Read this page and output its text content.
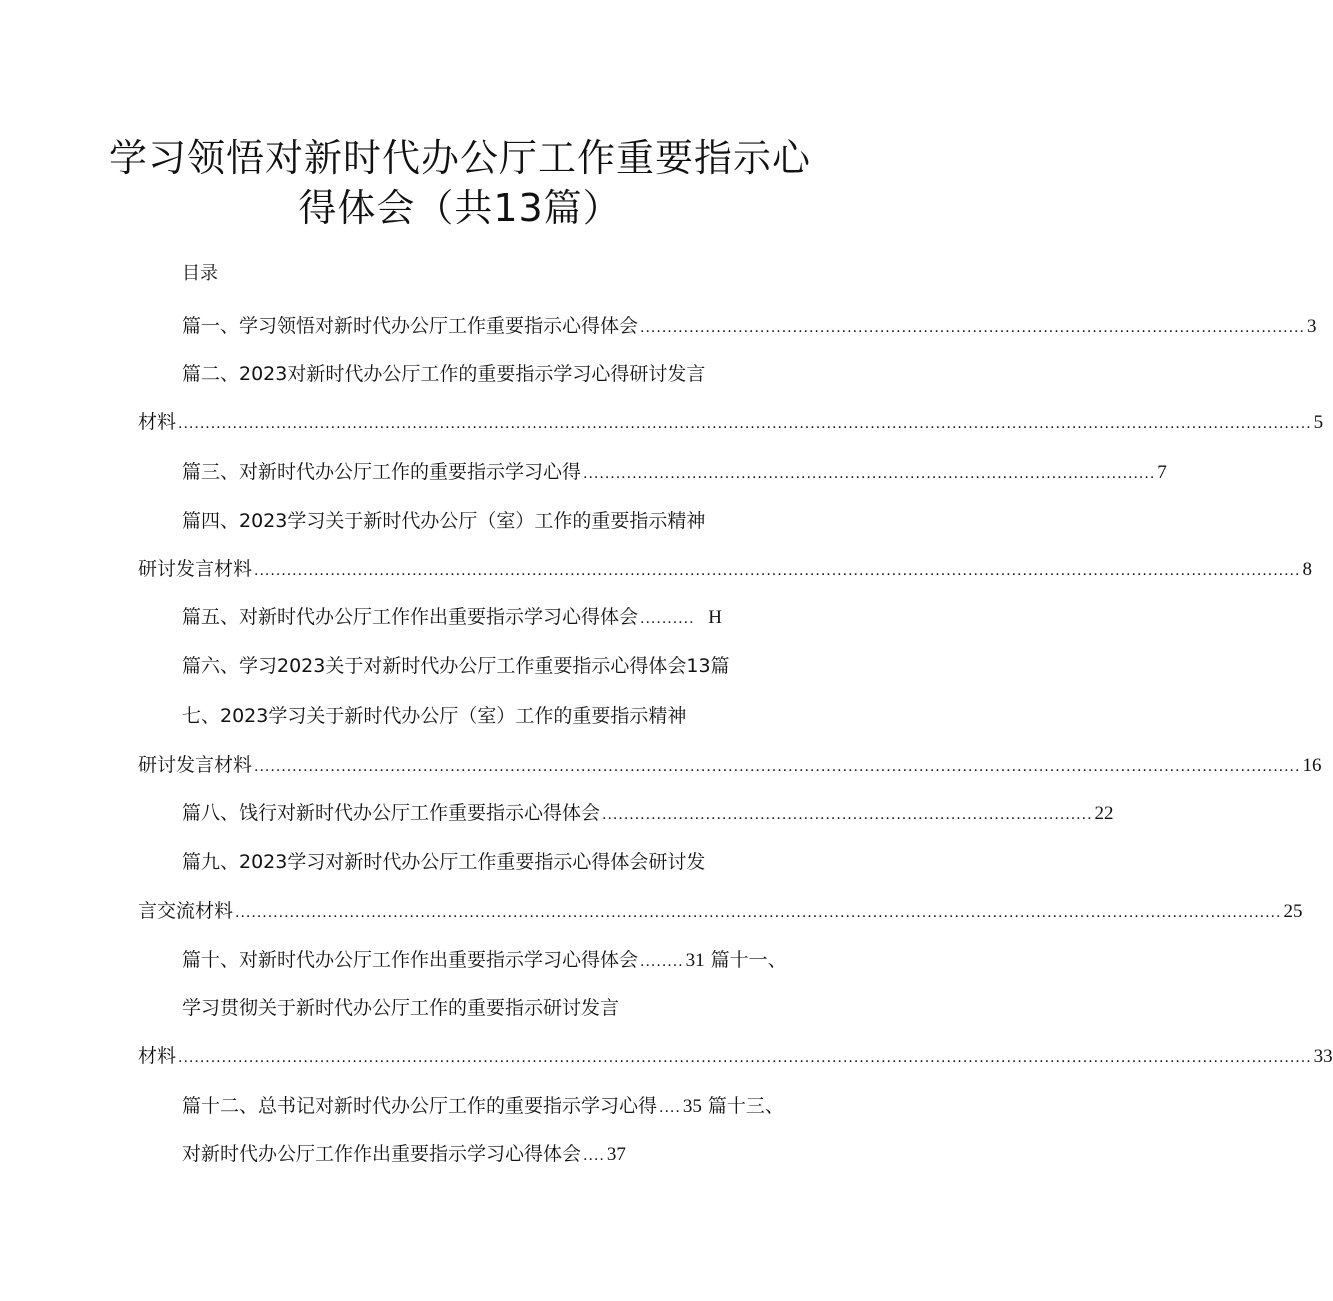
学习领悟对新时代办公厅工作重要指示心
得体会（共13篇）
目录
篇一、学习领悟对新时代办公厅工作重要指示心得体会 .......................................................................................................................... 3
篇二、2023对新时代办公厅工作的重要指示学习心得研讨发言
材料 ................................................................................................................................................................................................................ 5
篇三、对新时代办公厅工作的重要指示学习心得 ......................................................................................................... 7
篇四、2023学习关于新时代办公厅（室）工作的重要指示精神
研讨发言材料 ................................................................................................................................................................................................ 8
篇五、对新时代办公厅工作作出重要指示学习心得体会 .......... H
篇六、学习2023关于对新时代办公厅工作重要指示心得体会13篇
七、2023学习关于新时代办公厅（室）工作的重要指示精神
研讨发言材料 ................................................................................................................................................................................................ 16
篇八、饯行对新时代办公厅工作重要指示心得体会 .......................................................................................... 22
篇九、2023学习对新时代办公厅工作重要指示心得体会研讨发
言交流材料 ................................................................................................................................................................................................ 25
篇十、对新时代办公厅工作作出重要指示学习心得体会 ........ 31 篇十一、
学习贯彻关于新时代办公厅工作的重要指示研讨发言
材料 ................................................................................................................................................................................................................ 33
篇十二、总书记对新时代办公厅工作的重要指示学习心得 .... 35 篇十三、
对新时代办公厅工作作出重要指示学习心得体会 .... 37
